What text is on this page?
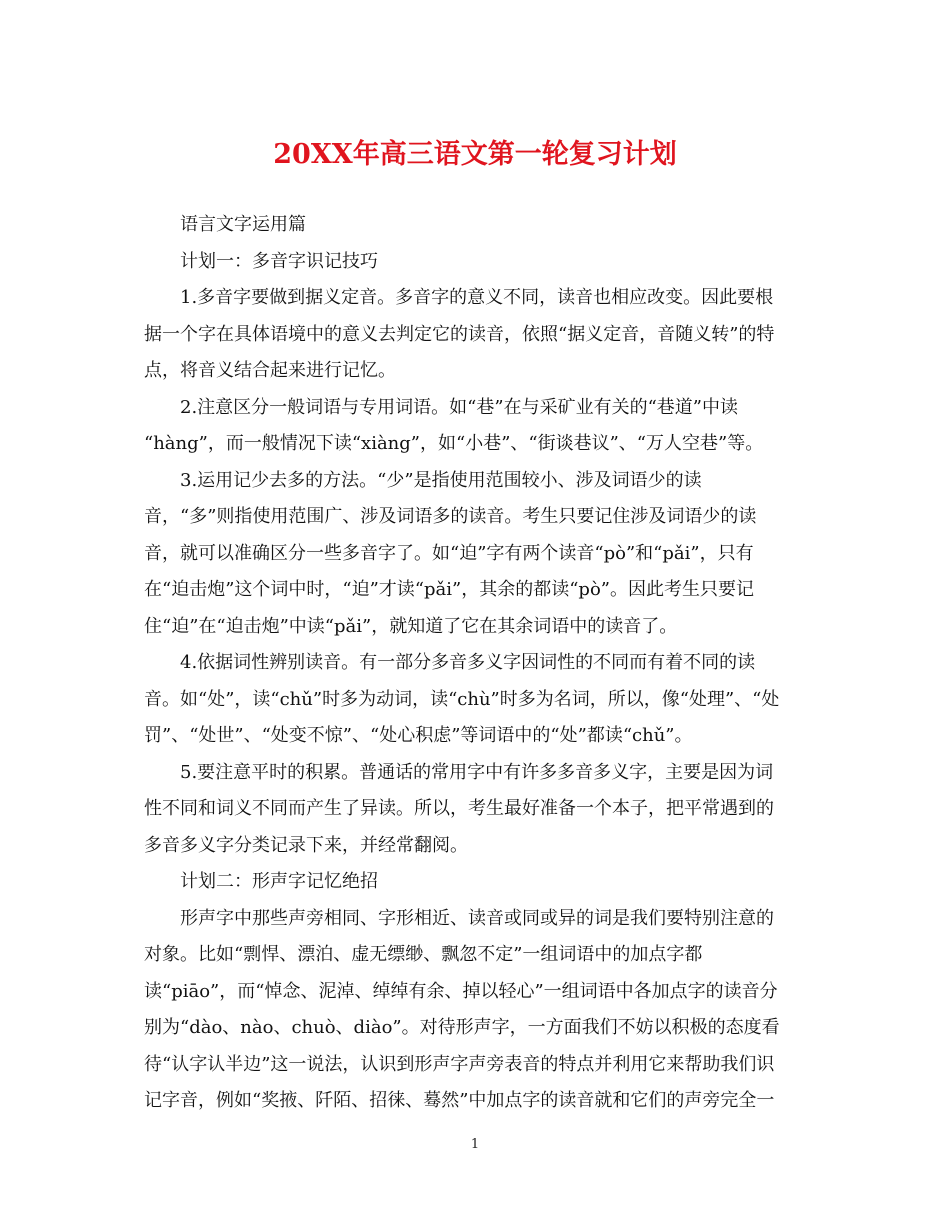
20XX年高三语文第一轮复习计划
语言文字运用篇
计划一：多音字识记技巧
1.多音字要做到据义定音。多音字的意义不同，读音也相应改变。因此要根
据一个字在具体语境中的意义去判定它的读音，依照“据义定音，音随义转”的特
点，将音义结合起来进行记忆。
2.注意区分一般词语与专用词语。如“巷”在与采矿业有关的“巷道”中读
“hàng”，而一般情况下读“xiàng”，如“小巷”、“街谈巷议”、“万人空巷”等。
3.运用记少去多的方法。“少”是指使用范围较小、涉及词语少的读
音，“多”则指使用范围广、涉及词语多的读音。考生只要记住涉及词语少的读
音，就可以准确区分一些多音字了。如“迫”字有两个读音“pò”和“pǎi”，只有
在“迫击炮”这个词中时，“迫”才读“pǎi”，其余的都读“pò”。因此考生只要记
住“迫”在“迫击炮”中读“pǎi”，就知道了它在其余词语中的读音了。
4.依据词性辨别读音。有一部分多音多义字因词性的不同而有着不同的读
音。如“处”，读“chǔ”时多为动词，读“chù”时多为名词，所以，像“处理”、“处
罚”、“处世”、“处变不惊”、“处心积虑”等词语中的“处”都读“chǔ”。
5.要注意平时的积累。普通话的常用字中有许多多音多义字，主要是因为词
性不同和词义不同而产生了异读。所以，考生最好准备一个本子，把平常遇到的
多音多义字分类记录下来，并经常翻阅。
计划二：形声字记忆绝招
形声字中那些声旁相同、字形相近、读音或同或异的词是我们要特别注意的
对象。比如“剽悍、漂泊、虚无缥缈、飘忽不定”一组词语中的加点字都
读“piāo”，而“悼念、泥淖、绰绰有余、掉以轻心”一组词语中各加点字的读音分
别为“dào、nào、chuò、diào”。对待形声字，一方面我们不妨以积极的态度看
待“认字认半边”这一说法，认识到形声字声旁表音的特点并利用它来帮助我们识
记字音，例如“奖掖、阡陌、招徕、蓦然”中加点字的读音就和它们的声旁完全一
1
